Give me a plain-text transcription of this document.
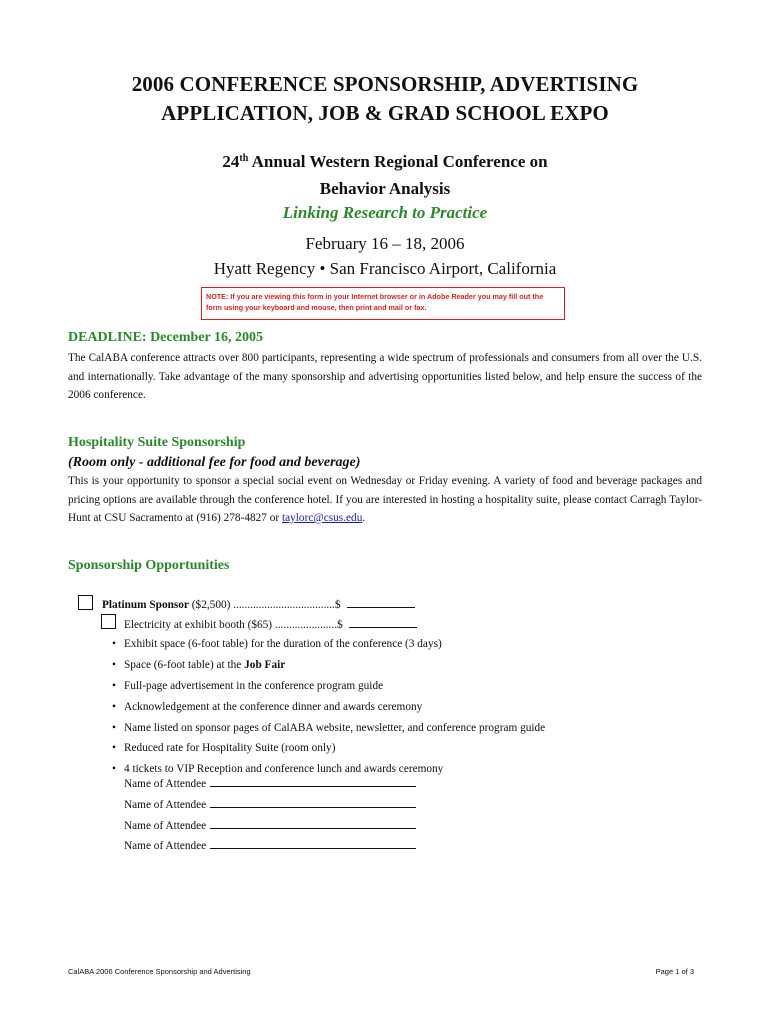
2006 CONFERENCE SPONSORSHIP, ADVERTISING
APPLICATION, JOB & GRAD SCHOOL EXPO
24th Annual Western Regional Conference on
Behavior Analysis
Linking Research to Practice
February 16 – 18, 2006
Hyatt Regency • San Francisco Airport, California
NOTE: If you are viewing this form in your Internet browser or in Adobe Reader you may fill out the form using your keyboard and mouse, then print and mail or fax.
DEADLINE: December 16, 2005
The CalABA conference attracts over 800 participants, representing a wide spectrum of professionals and consumers from all over the U.S. and internationally. Take advantage of the many sponsorship and advertising opportunities listed below, and help ensure the success of the 2006 conference.
Hospitality Suite Sponsorship
(Room only - additional fee for food and beverage)
This is your opportunity to sponsor a special social event on Wednesday or Friday evening. A variety of food and beverage packages and pricing options are available through the conference hotel. If you are interested in hosting a hospitality suite, please contact Carragh Taylor-Hunt at CSU Sacramento at (916) 278-4827 or taylorc@csus.edu.
Sponsorship Opportunities
Platinum Sponsor ($2,500) ....................................$
Electricity at exhibit booth ($65) ......................$
• Exhibit space (6-foot table) for the duration of the conference (3 days)
• Space (6-foot table) at the Job Fair
• Full-page advertisement in the conference program guide
• Acknowledgement at the conference dinner and awards ceremony
• Name listed on sponsor pages of CalABA website, newsletter, and conference program guide
• Reduced rate for Hospitality Suite (room only)
• 4 tickets to VIP Reception and conference lunch and awards ceremony
Name of Attendee
Name of Attendee
Name of Attendee
Name of Attendee
CalABA 2006 Conference Sponsorship and Advertising	Page 1 of 3
